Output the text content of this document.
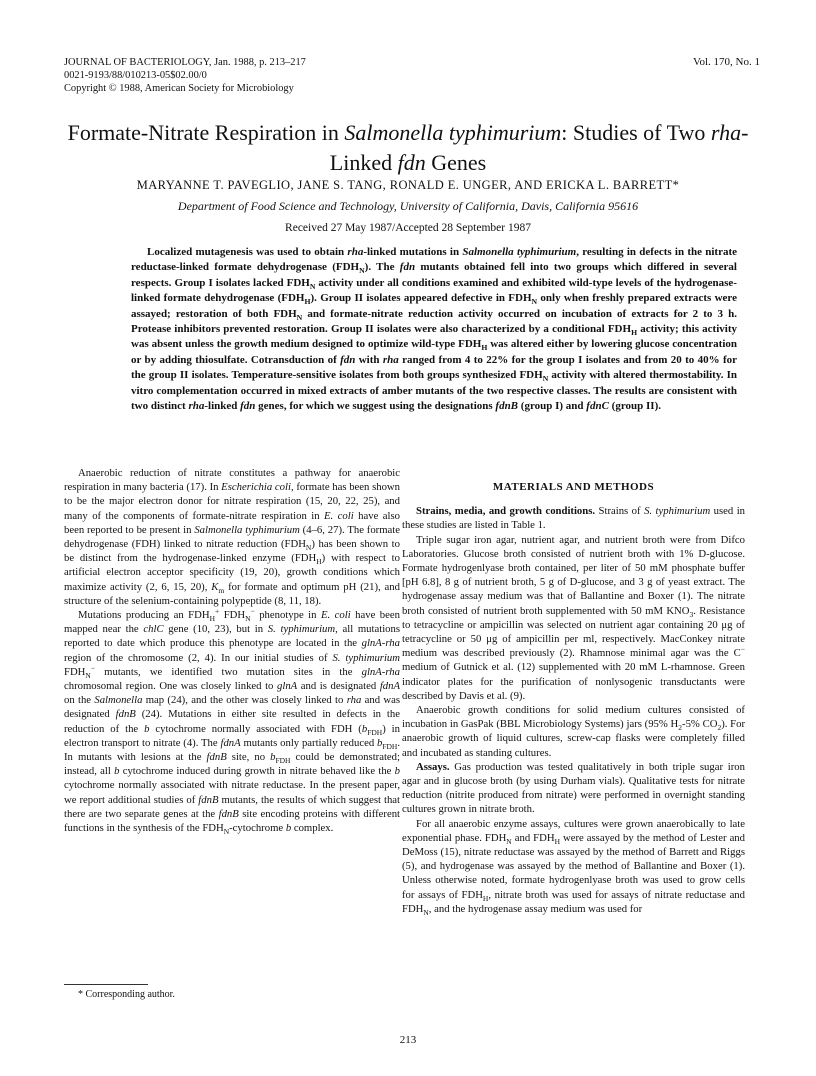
JOURNAL OF BACTERIOLOGY, Jan. 1988, p. 213–217
0021-9193/88/010213-05$02.00/0
Copyright © 1988, American Society for Microbiology
Vol. 170, No. 1
Formate-Nitrate Respiration in Salmonella typhimurium: Studies of Two rha-Linked fdn Genes
MARYANNE T. PAVEGLIO, JANE S. TANG, RONALD E. UNGER, AND ERICKA L. BARRETT*
Department of Food Science and Technology, University of California, Davis, California 95616
Received 27 May 1987/Accepted 28 September 1987

Localized mutagenesis was used to obtain rha-linked mutations in Salmonella typhimurium, resulting in defects in the nitrate reductase-linked formate dehydrogenase $(FDH_N)$. The fdn mutants obtained fell into two groups which differed in several respects. Group I isolates lacked $FDH_N$ activity under all conditions examined and exhibited wild-type levels of the hydrogenase-linked formate dehydrogenase $(FDH_H)$. Group II isolates appeared defective in $FDH_N$ only when freshly prepared extracts were assayed; restoration of both $FDH_N$ and formate-nitrate reduction activity occurred on incubation of extracts for 2 to 3 h. Protease inhibitors prevented restoration. Group II isolates were also characterized by a conditional $FDH_H$ activity; this activity was absent unless the growth medium designed to optimize wild-type $FDH_H$ was altered either by lowering glucose concentration or by adding thiosulfate. Cotransduction of fdn with rha ranged from 4 to 22% for the group I isolates and from 20 to 40% for the group II isolates. Temperature-sensitive isolates from both groups synthesized $FDH_N$ activity with altered thermostability. In vitro complementation occurred in mixed extracts of amber mutants of the two respective classes. The results are consistent with two distinct rha-linked fdn genes, for which we suggest using the designations fdnB (group I) and fdnC (group II).

Anaerobic reduction of nitrate constitutes a pathway for anaerobic respiration in many bacteria (17). In Escherichia coli, formate has been shown to be the major electron donor for nitrate respiration (15, 20, 22, 25), and many of the components of formate-nitrate respiration in E. coli have also been reported to be present in Salmonella typhimurium (4–6, 27). The formate dehydrogenase (FDH) linked to nitrate reduction $(FDH_N)$ has been shown to be distinct from the hydrogenase-linked enzyme $(FDH_H)$ with respect to artificial electron acceptor specificity (19, 20), growth conditions which maximize activity (2, 6, 15, 20), $K_m$ for formate and optimum pH (21), and structure of the selenium-containing polypeptide (8, 11, 18).

Mutations producing an $FDH_H^+$ $FDH_N^-$ phenotype in E. coli have been mapped near the chlC gene (10, 23), but in S. typhimurium, all mutations reported to date which produce this phenotype are located in the glnA-rha region of the chromosome (2, 4). In our initial studies of S. typhimurium $FDH_N^-$ mutants, we identified two mutation sites in the glnA-rha chromosomal region. One was closely linked to glnA and is designated fdnA on the Salmonella map (24), and the other was closely linked to rha and was designated fdnB (24). Mutations in either site resulted in defects in the reduction of the b cytochrome normally associated with FDH $(b_{FDH})$ in electron transport to nitrate (4). The fdnA mutants only partially reduced $b_{FDH}$. In mutants with lesions at the fdnB site, no $b_{FDH}$ could be demonstrated; instead, all b cytochrome induced during growth in nitrate behaved like the b cytochrome normally associated with nitrate reductase. In the present paper, we report additional studies of fdnB mutants, the results of which suggest that there are two separate genes at the fdnB site encoding proteins with different functions in the synthesis of the $FDH_N$-cytochrome b complex.

MATERIALS AND METHODS

Strains, media, and growth conditions. Strains of S. typhimurium used in these studies are listed in Table 1.

Triple sugar iron agar, nutrient agar, and nutrient broth were from Difco Laboratories. Glucose broth consisted of nutrient broth with 1% D-glucose. Formate hydrogenlyase broth contained, per liter of 50 mM phosphate buffer [pH 6.8], 8 g of nutrient broth, 5 g of D-glucose, and 3 g of yeast extract. The hydrogenase assay medium was that of Ballantine and Boxer (1). The nitrate broth consisted of nutrient broth supplemented with 50 mM $KNO_3$. Resistance to tetracycline or ampicillin was selected on nutrient agar containing 20 μg of tetracycline or 50 μg of ampicillin per ml, respectively. MacConkey nitrate medium was described previously (2). Rhamnose minimal agar was the C− medium of Gutnick et al. (12) supplemented with 20 mM L-rhamnose. Green indicator plates for the purification of nonlysogenic transductants were described by Davis et al. (9).

Anaerobic growth conditions for solid medium cultures consisted of incubation in GasPak (BBL Microbiology Systems) jars (95% $H_2-5\%$ $CO_2$). For anaerobic growth of liquid cultures, screw-cap flasks were completely filled and incubated as standing cultures.

Assays. Gas production was tested qualitatively in both triple sugar iron agar and in glucose broth (by using Durham vials). Qualitative tests for nitrate reduction (nitrite produced from nitrate) were performed in overnight standing cultures grown in nitrate broth.

For all anaerobic enzyme assays, cultures were grown anaerobically to late exponential phase. $FDH_N$ and $FDH_H$ were assayed by the method of Lester and DeMoss (15), nitrate reductase was assayed by the method of Barrett and Riggs (5), and hydrogenase was assayed by the method of Ballantine and Boxer (1). Unless otherwise noted, formate hydrogenlyase broth was used to grow cells for assays of $FDH_H$, nitrate broth was used for assays of nitrate reductase and $FDH_N$, and the hydrogenase assay medium was used for

* Corresponding author.
213
